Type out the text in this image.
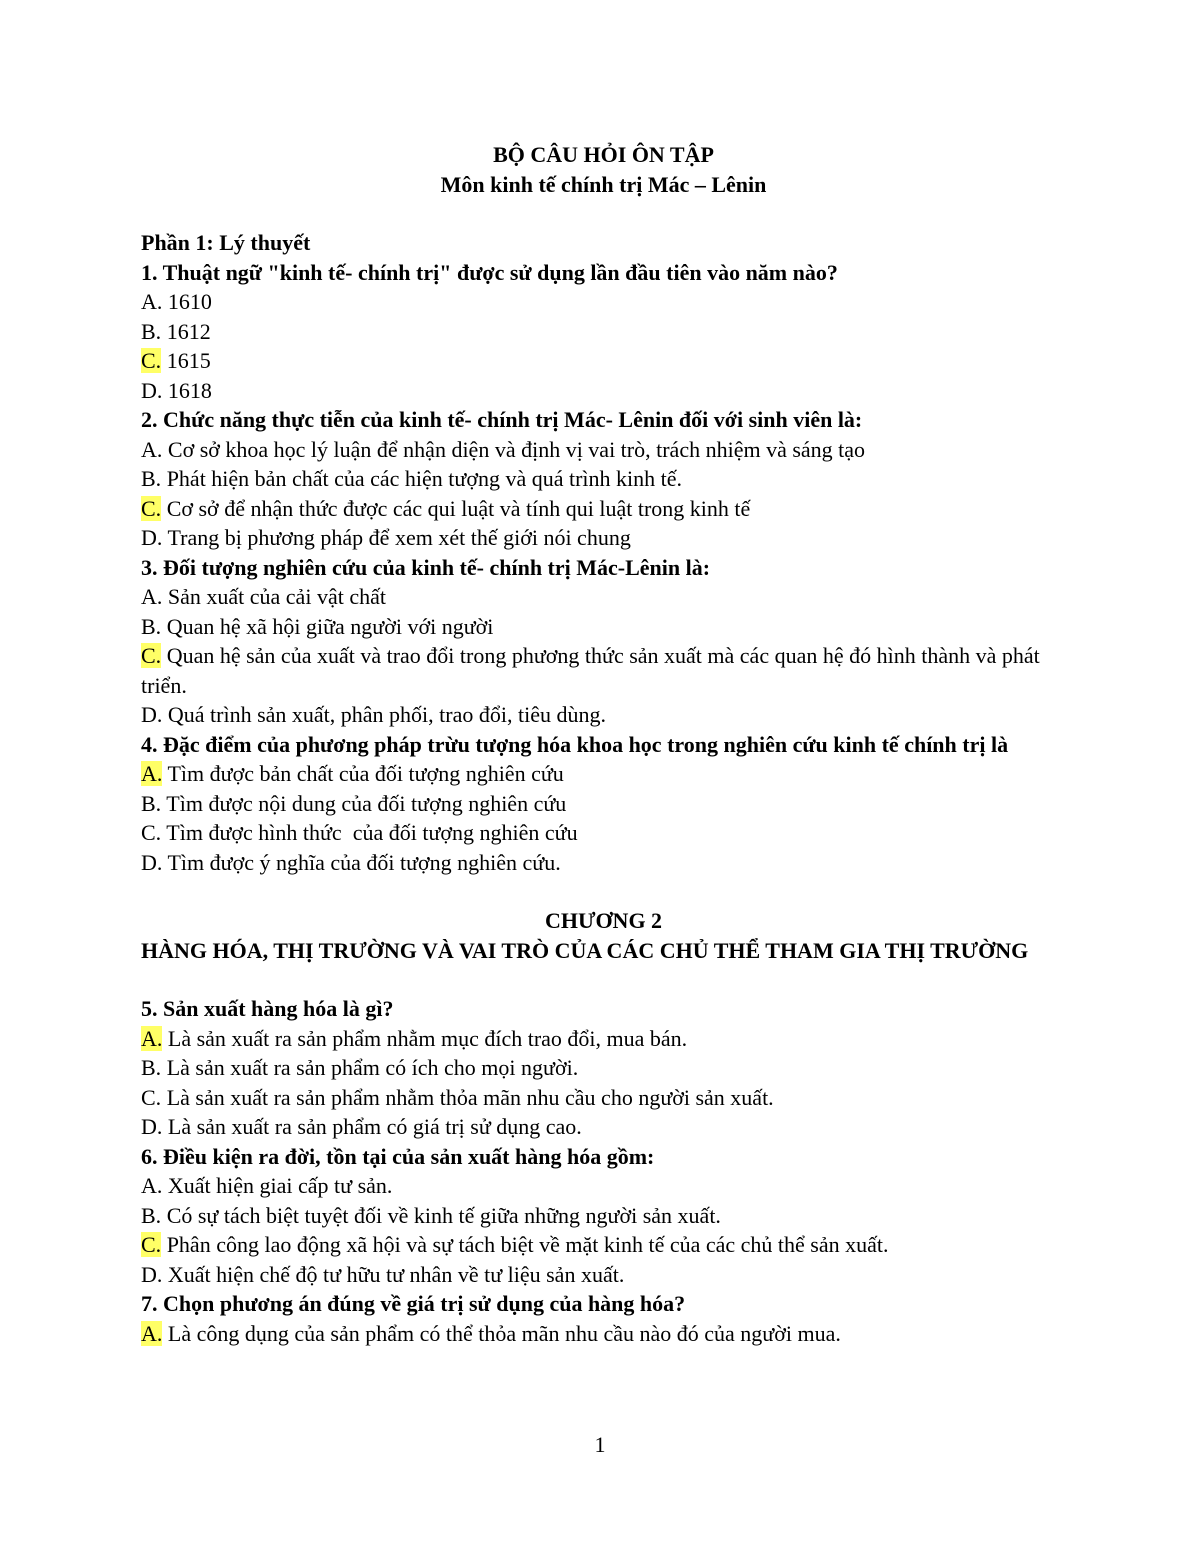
BỘ CÂU HỎI ÔN TẬP
Môn kinh tế chính trị Mác – Lênin
Phần 1: Lý thuyết
1. Thuật ngữ "kinh tế- chính trị" được sử dụng lần đầu tiên vào năm nào?
A. 1610
B. 1612
C. 1615
D. 1618
2. Chức năng thực tiễn của kinh tế- chính trị Mác- Lênin đối với sinh viên là:
A. Cơ sở khoa học lý luận để nhận diện và định vị vai trò, trách nhiệm và sáng tạo
B. Phát hiện bản chất của các hiện tượng và quá trình kinh tế.
C. Cơ sở để nhận thức được các qui luật và tính qui luật trong kinh tế
D. Trang bị phương pháp để xem xét thế giới nói chung
3. Đối tượng nghiên cứu của kinh tế- chính trị Mác-Lênin là:
A. Sản xuất của cải vật chất
B. Quan hệ xã hội giữa người với người
C. Quan hệ sản của xuất và trao đổi trong phương thức sản xuất mà các quan hệ đó hình thành và phát triển.
D. Quá trình sản xuất, phân phối, trao đổi, tiêu dùng.
4. Đặc điểm của phương pháp trừu tượng hóa khoa học trong nghiên cứu kinh tế chính trị là
A. Tìm được bản chất của đối tượng nghiên cứu
B. Tìm được nội dung của đối tượng nghiên cứu
C. Tìm được hình thức  của đối tượng nghiên cứu
D. Tìm được ý nghĩa của đối tượng nghiên cứu.
CHƯƠNG 2
HÀNG HÓA, THỊ TRƯỜNG VÀ VAI TRÒ CỦA CÁC CHỦ THỂ THAM GIA THỊ TRƯỜNG
5. Sản xuất hàng hóa là gì?
A. Là sản xuất ra sản phẩm nhằm mục đích trao đổi, mua bán.
B. Là sản xuất ra sản phẩm có ích cho mọi người.
C. Là sản xuất ra sản phẩm nhằm thỏa mãn nhu cầu cho người sản xuất.
D. Là sản xuất ra sản phẩm có giá trị sử dụng cao.
6. Điều kiện ra đời, tồn tại của sản xuất hàng hóa gồm:
A. Xuất hiện giai cấp tư sản.
B. Có sự tách biệt tuyệt đối về kinh tế giữa những người sản xuất.
C. Phân công lao động xã hội và sự tách biệt về mặt kinh tế của các chủ thể sản xuất.
D. Xuất hiện chế độ tư hữu tư nhân về tư liệu sản xuất.
7. Chọn phương án đúng về giá trị sử dụng của hàng hóa?
A. Là công dụng của sản phẩm có thể thỏa mãn nhu cầu nào đó của người mua.
1
